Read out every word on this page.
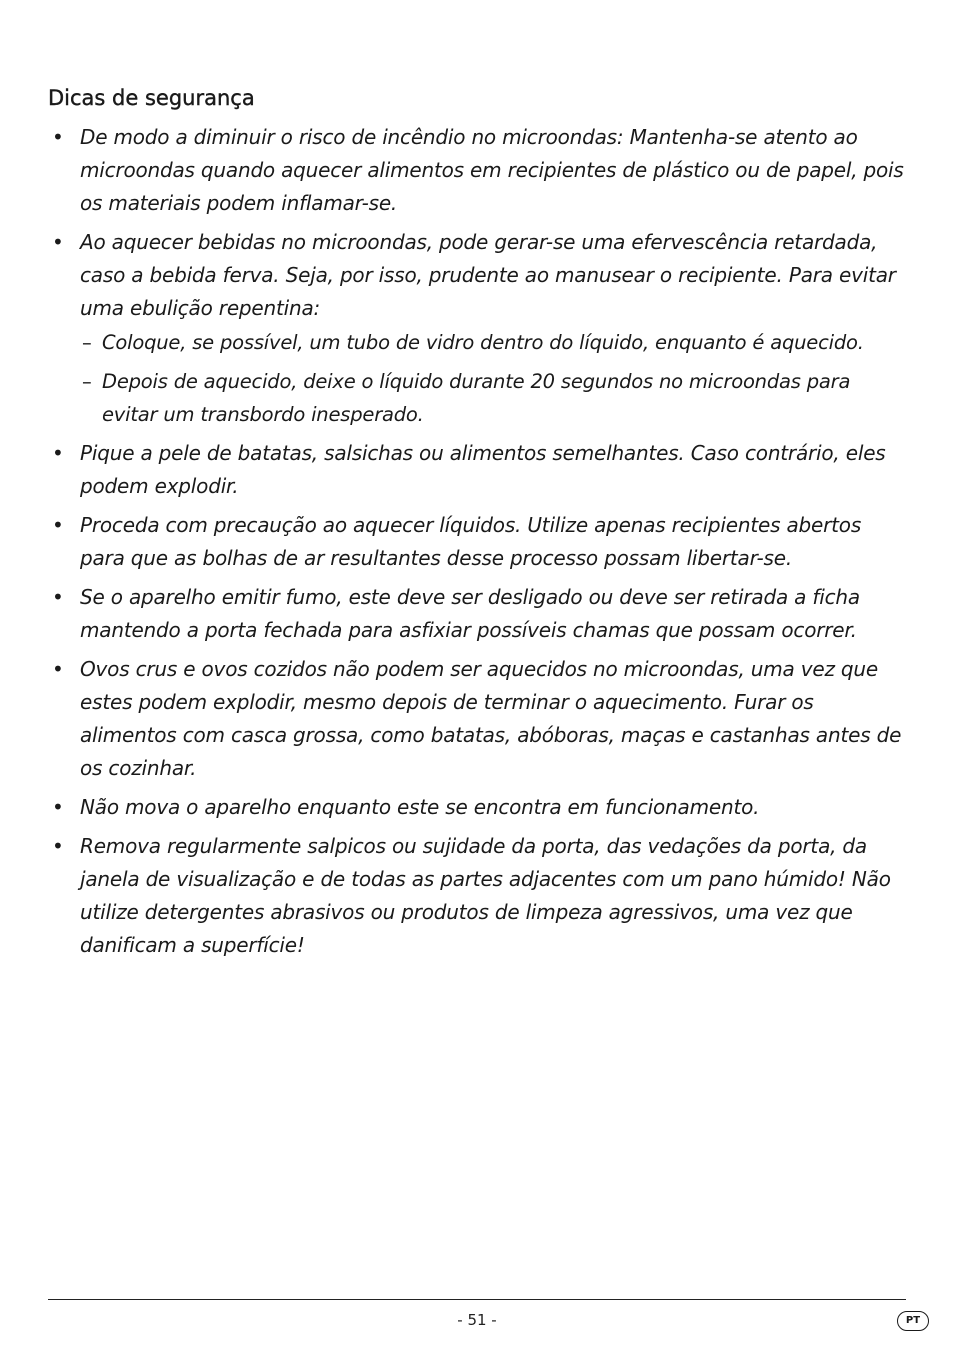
Dicas de segurança
• De modo a diminuir o risco de incêndio no microondas: Mantenha-se atento ao microondas quando aquecer alimentos em recipientes de plástico ou de papel, pois os materiais podem inflamar-se.
• Ao aquecer bebidas no microondas, pode gerar-se uma efervescência retardada, caso a bebida ferva. Seja, por isso, prudente ao manusear o recipiente. Para evitar uma ebulição repentina:
– Coloque, se possível, um tubo de vidro dentro do líquido, enquanto é aquecido.
– Depois de aquecido, deixe o líquido durante 20 segundos no microondas para evitar um transbordo inesperado.
• Pique a pele de batatas, salsichas ou alimentos semelhantes. Caso contrário, eles podem explodir.
• Proceda com precaução ao aquecer líquidos. Utilize apenas recipientes abertos para que as bolhas de ar resultantes desse processo possam libertar-se.
• Se o aparelho emitir fumo, este deve ser desligado ou deve ser retirada a ficha mantendo a porta fechada para asfixiar possíveis chamas que possam ocorrer.
• Ovos crus e ovos cozidos não podem ser aquecidos no microondas, uma vez que estes podem explodir, mesmo depois de terminar o aquecimento. Furar os alimentos com casca grossa, como batatas, abóboras, maças e castanhas antes de os cozinhar.
• Não mova o aparelho enquanto este se encontra em funcionamento.
• Remova regularmente salpicos ou sujidade da porta, das vedações da porta, da janela de visualização e de todas as partes adjacentes com um pano húmido! Não utilize detergentes abrasivos ou produtos de limpeza agressivos, uma vez que danificam a superfície!
- 51 -	PT
